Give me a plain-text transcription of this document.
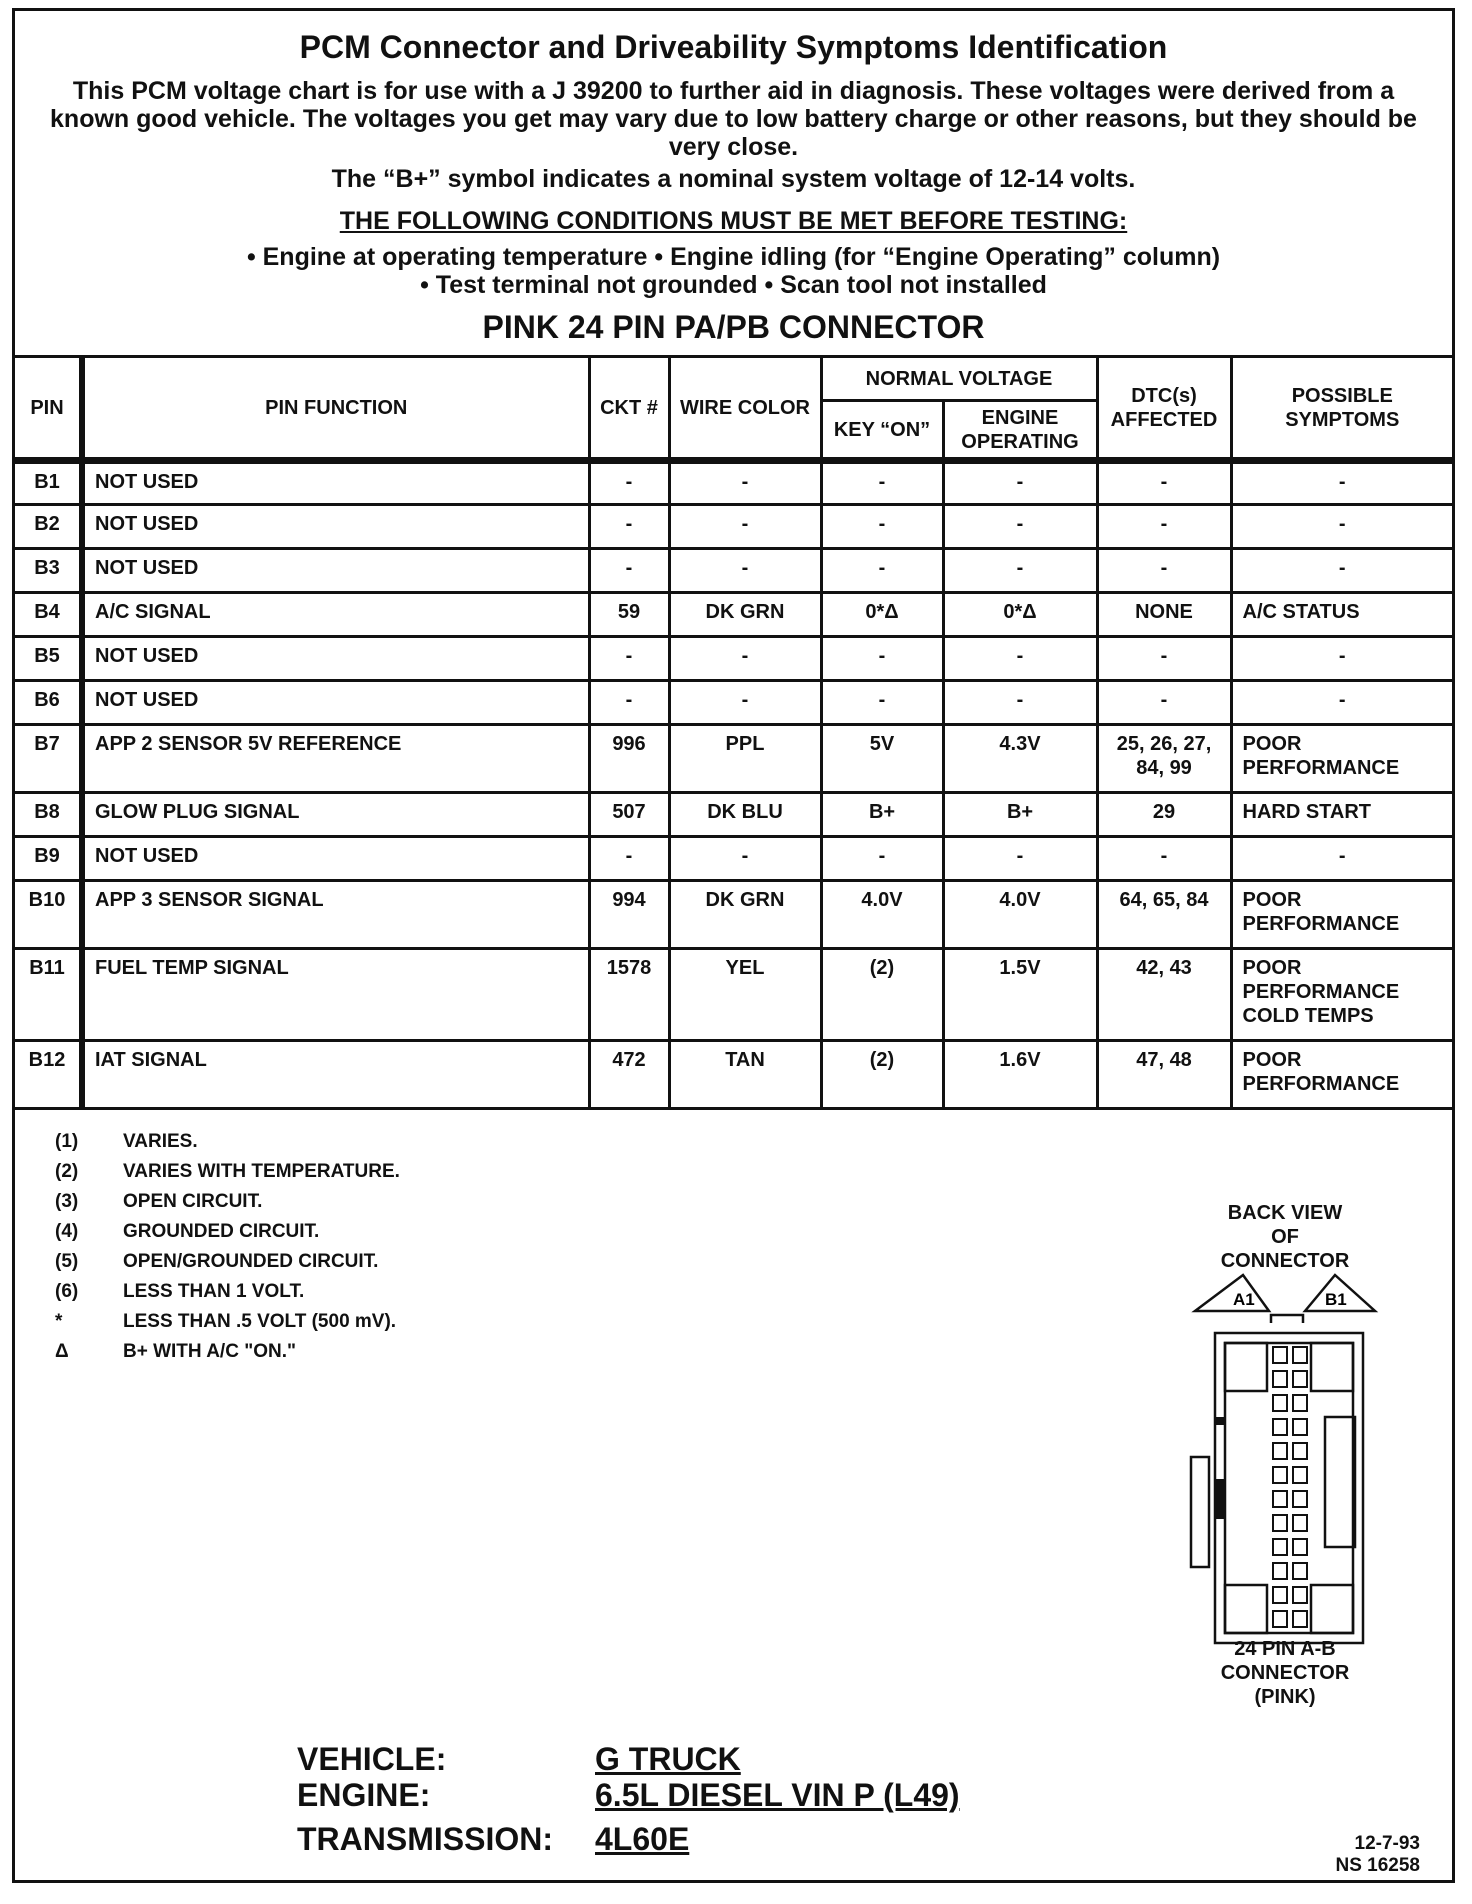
PCM Connector and Driveability Symptoms Identification
This PCM voltage chart is for use with a J 39200 to further aid in diagnosis. These voltages were derived from a known good vehicle. The voltages you get may vary due to low battery charge or other reasons, but they should be very close.
The “B+” symbol indicates a nominal system voltage of 12-14 volts.
THE FOLLOWING CONDITIONS MUST BE MET BEFORE TESTING:
• Engine at operating temperature • Engine idling (for “Engine Operating” column)
• Test terminal not grounded • Scan tool not installed
PINK 24 PIN PA/PB CONNECTOR
PIN	PIN FUNCTION	CKT #	WIRE COLOR	NORMAL VOLTAGE		DTC(s) AFFECTED	POSSIBLE SYMPTOMS
				KEY “ON”	ENGINE OPERATING		
B1	NOT USED	-	-	-	-	-	-
B2	NOT USED	-	-	-	-	-	-
B3	NOT USED	-	-	-	-	-	-
B4	A/C SIGNAL	59	DK GRN	0*Δ	0*Δ	NONE	A/C STATUS
B5	NOT USED	-	-	-	-	-	-
B6	NOT USED	-	-	-	-	-	-
B7	APP 2 SENSOR 5V REFERENCE	996	PPL	5V	4.3V	25, 26, 27, 84, 99	POOR PERFORMANCE
B8	GLOW PLUG SIGNAL	507	DK BLU	B+	B+	29	HARD START
B9	NOT USED	-	-	-	-	-	-
B10	APP 3 SENSOR SIGNAL	994	DK GRN	4.0V	4.0V	64, 65, 84	POOR PERFORMANCE
B11	FUEL TEMP SIGNAL	1578	YEL	(2)	1.5V	42, 43	POOR PERFORMANCE COLD TEMPS
B12	IAT SIGNAL	472	TAN	(2)	1.6V	47, 48	POOR PERFORMANCE
(1)	VARIES.
(2)	VARIES WITH TEMPERATURE.
(3)	OPEN CIRCUIT.
(4)	GROUNDED CIRCUIT.
(5)	OPEN/GROUNDED CIRCUIT.
(6)	LESS THAN 1 VOLT.
*	LESS THAN .5 VOLT (500 mV).
Δ	B+ WITH A/C "ON."
BACK VIEW
OF
CONNECTOR
A1	B1
24 PIN A-B
CONNECTOR
(PINK)
VEHICLE:	G TRUCK
ENGINE:	6.5L DIESEL VIN P (L49)
TRANSMISSION: 4L60E	12-7-93
NS 16258
